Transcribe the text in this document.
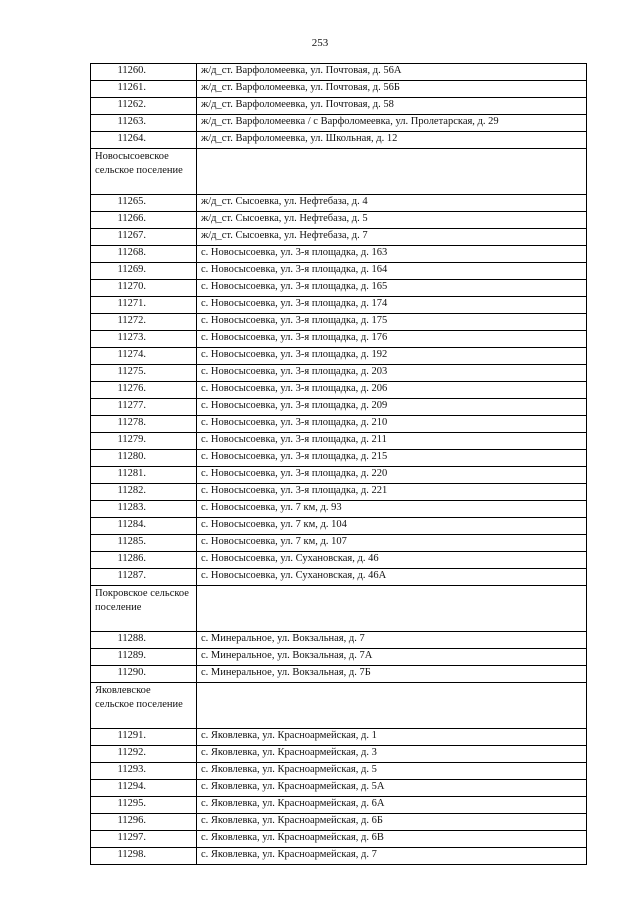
253
11260.	ж/д_ст. Варфоломеевка, ул. Почтовая, д. 56А
11261.	ж/д_ст. Варфоломеевка, ул. Почтовая, д. 56Б
11262.	ж/д_ст. Варфоломеевка, ул. Почтовая, д. 58
11263.	ж/д_ст. Варфоломеевка / с Варфоломеевка, ул. Пролетарская, д. 29
11264.	ж/д_ст. Варфоломеевка, ул. Школьная, д. 12
Новосысоевское сельское поселение	
11265.	ж/д_ст. Сысоевка, ул. Нефтебаза, д. 4
11266.	ж/д_ст. Сысоевка, ул. Нефтебаза, д. 5
11267.	ж/д_ст. Сысоевка, ул. Нефтебаза, д. 7
11268.	с. Новосысоевка, ул. 3-я площадка, д. 163
11269.	с. Новосысоевка, ул. 3-я площадка, д. 164
11270.	с. Новосысоевка, ул. 3-я площадка, д. 165
11271.	с. Новосысоевка, ул. 3-я площадка, д. 174
11272.	с. Новосысоевка, ул. 3-я площадка, д. 175
11273.	с. Новосысоевка, ул. 3-я площадка, д. 176
11274.	с. Новосысоевка, ул. 3-я площадка, д. 192
11275.	с. Новосысоевка, ул. 3-я площадка, д. 203
11276.	с. Новосысоевка, ул. 3-я площадка, д. 206
11277.	с. Новосысоевка, ул. 3-я площадка, д. 209
11278.	с. Новосысоевка, ул. 3-я площадка, д. 210
11279.	с. Новосысоевка, ул. 3-я площадка, д. 211
11280.	с. Новосысоевка, ул. 3-я площадка, д. 215
11281.	с. Новосысоевка, ул. 3-я площадка, д. 220
11282.	с. Новосысоевка, ул. 3-я площадка, д. 221
11283.	с. Новосысоевка, ул. 7 км, д. 93
11284.	с. Новосысоевка, ул. 7 км, д. 104
11285.	с. Новосысоевка, ул. 7 км, д. 107
11286.	с. Новосысоевка, ул. Сухановская, д. 46
11287.	с. Новосысоевка, ул. Сухановская, д. 46А
Покровское сельское поселение	
11288.	с. Минеральное, ул. Вокзальная, д. 7
11289.	с. Минеральное, ул. Вокзальная, д. 7А
11290.	с. Минеральное, ул. Вокзальная, д. 7Б
Яковлевское сельское поселение	
11291.	с. Яковлевка, ул. Красноармейская, д. 1
11292.	с. Яковлевка, ул. Красноармейская, д. 3
11293.	с. Яковлевка, ул. Красноармейская, д. 5
11294.	с. Яковлевка, ул. Красноармейская, д. 5А
11295.	с. Яковлевка, ул. Красноармейская, д. 6А
11296.	с. Яковлевка, ул. Красноармейская, д. 6Б
11297.	с. Яковлевка, ул. Красноармейская, д. 6В
11298.	с. Яковлевка, ул. Красноармейская, д. 7
